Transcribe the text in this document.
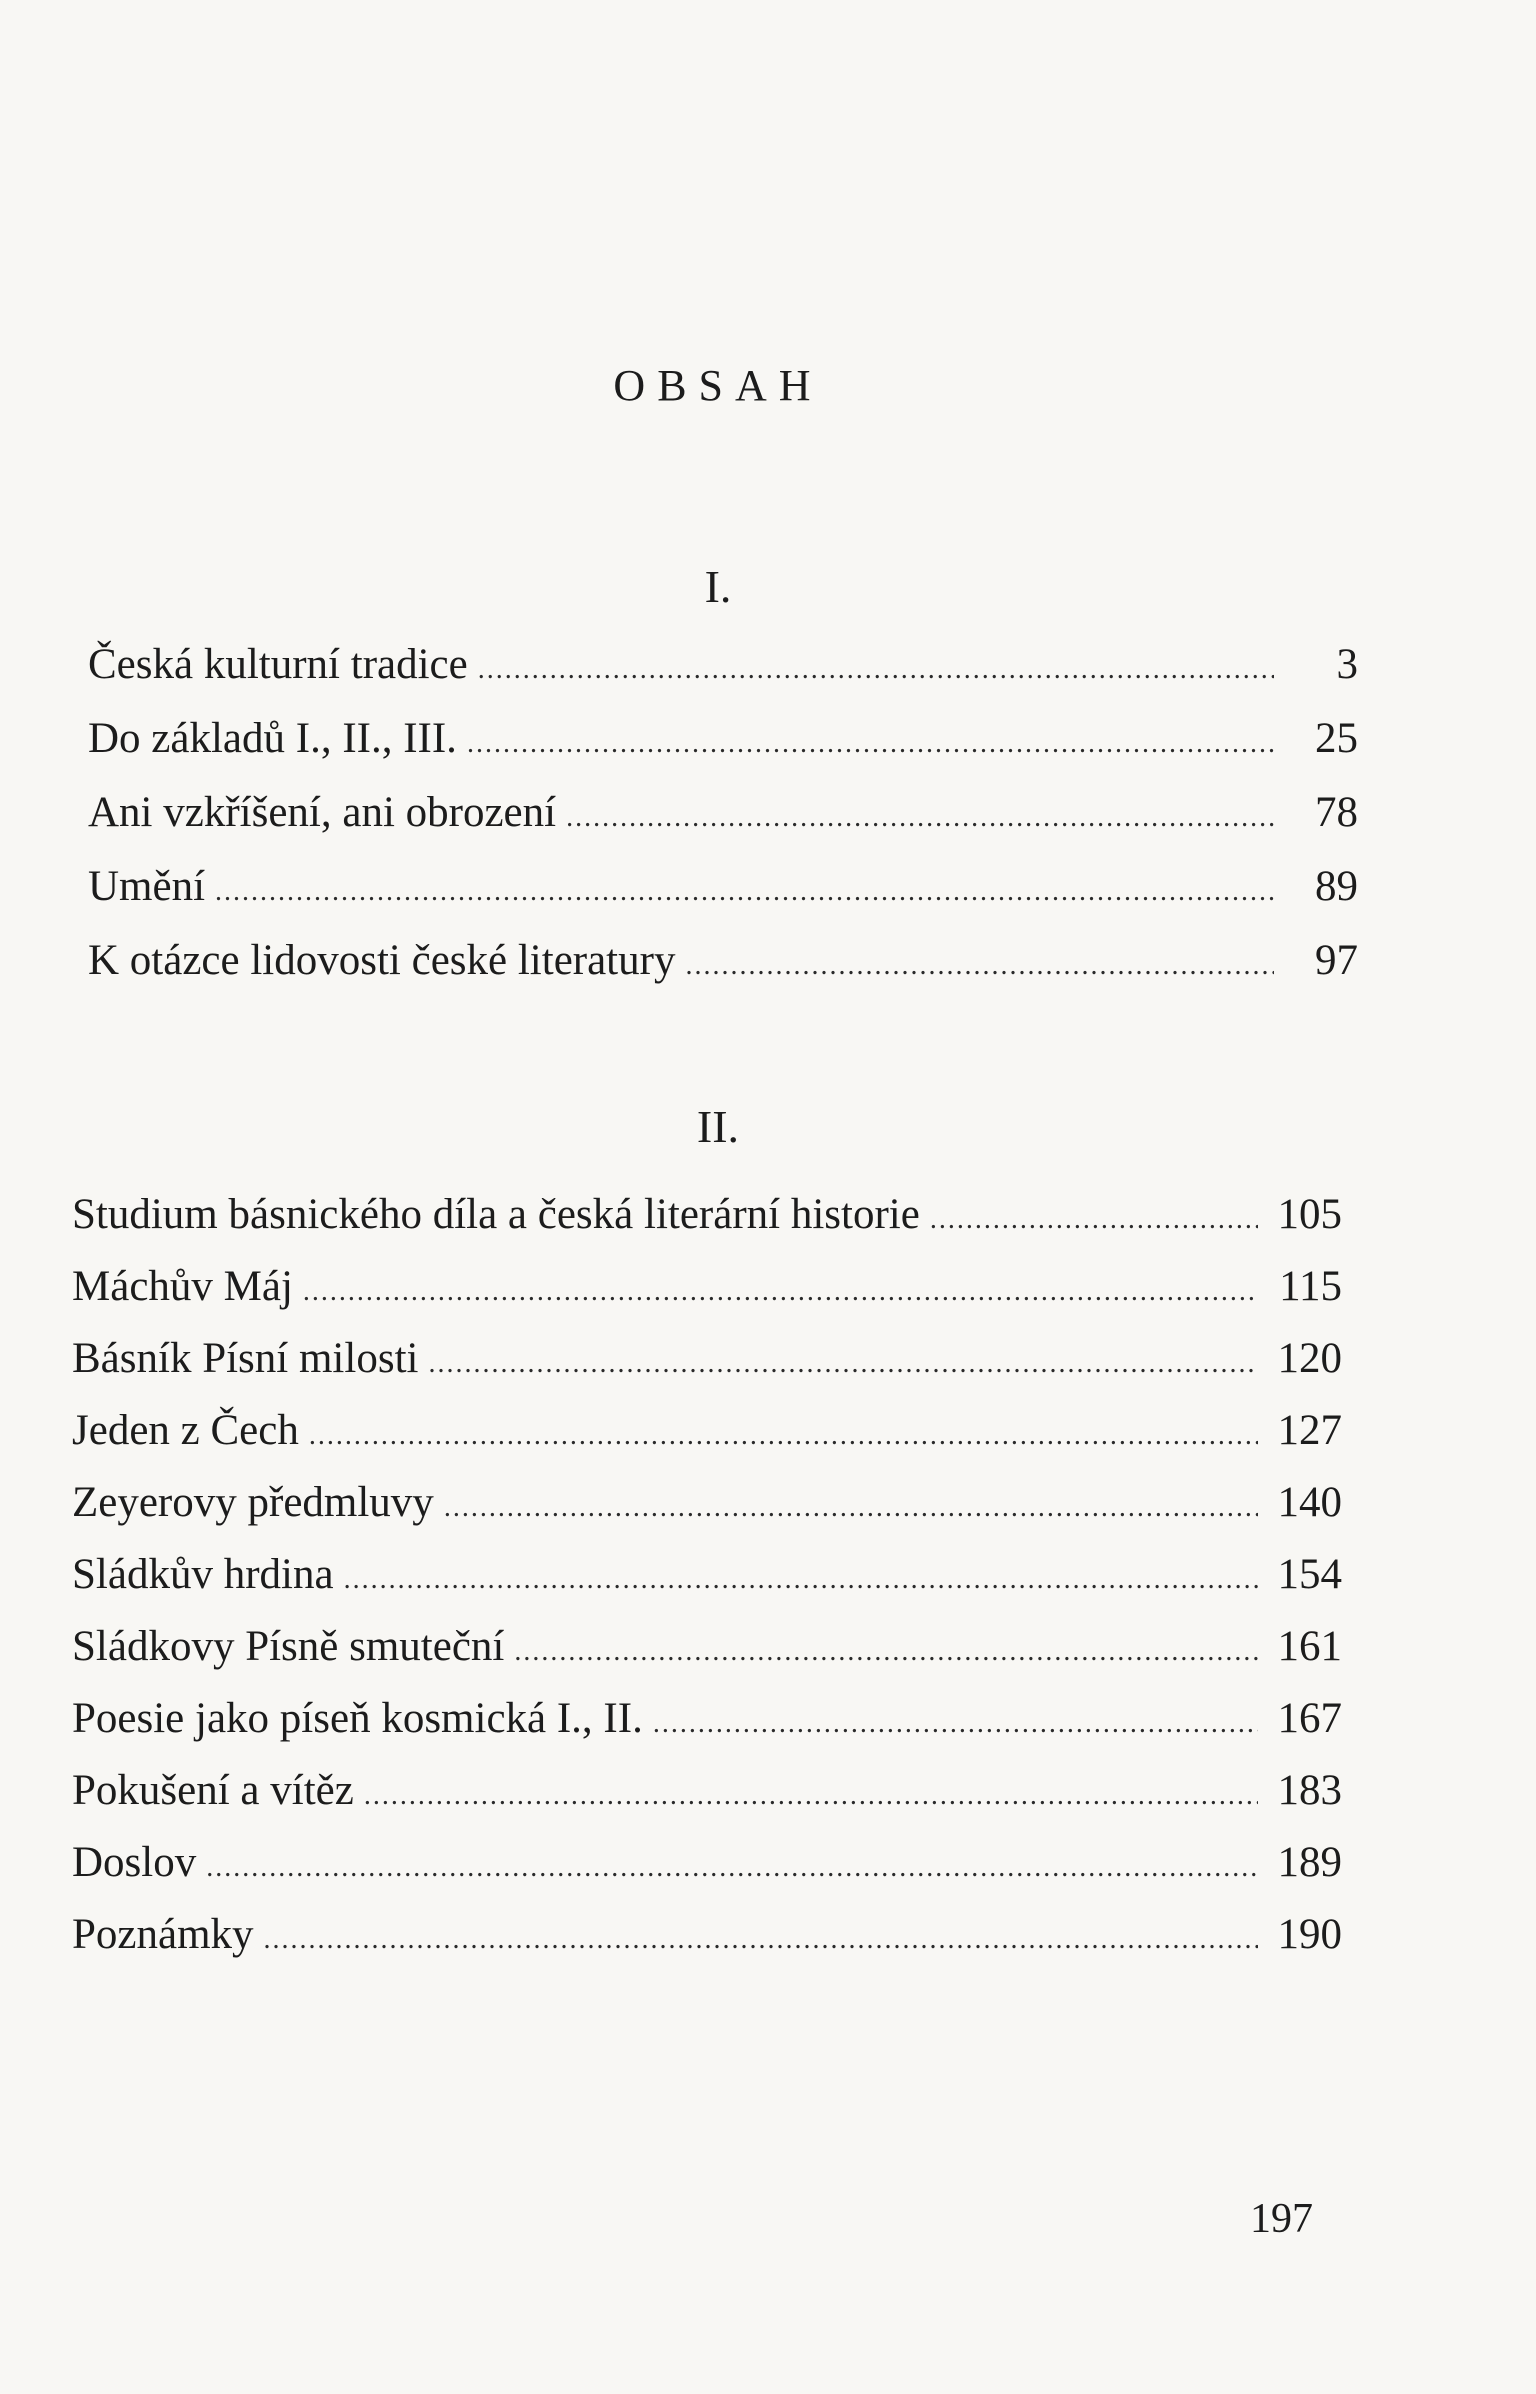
OBSAH
I.
Česká kulturní tradice .....	3
Do základů I., II., III. .....	25
Ani vzkříšení, ani obrození .....	78
Umění .....	89
K otázce lidovosti české literatury .....	97
II.
Studium básnického díla a česká literární historie .....	105
Máchův Máj .....	115
Básník Písní milosti .....	120
Jeden z Čech .....	127
Zeyerovy předmluvy .....	140
Sládkův hrdina .....	154
Sládkovy Písně smuteční .....	161
Poesie jako píseň kosmická I., II. .....	167
Pokušení a vítěz .....	183
Doslov .....	189
Poznámky .....	190
197
